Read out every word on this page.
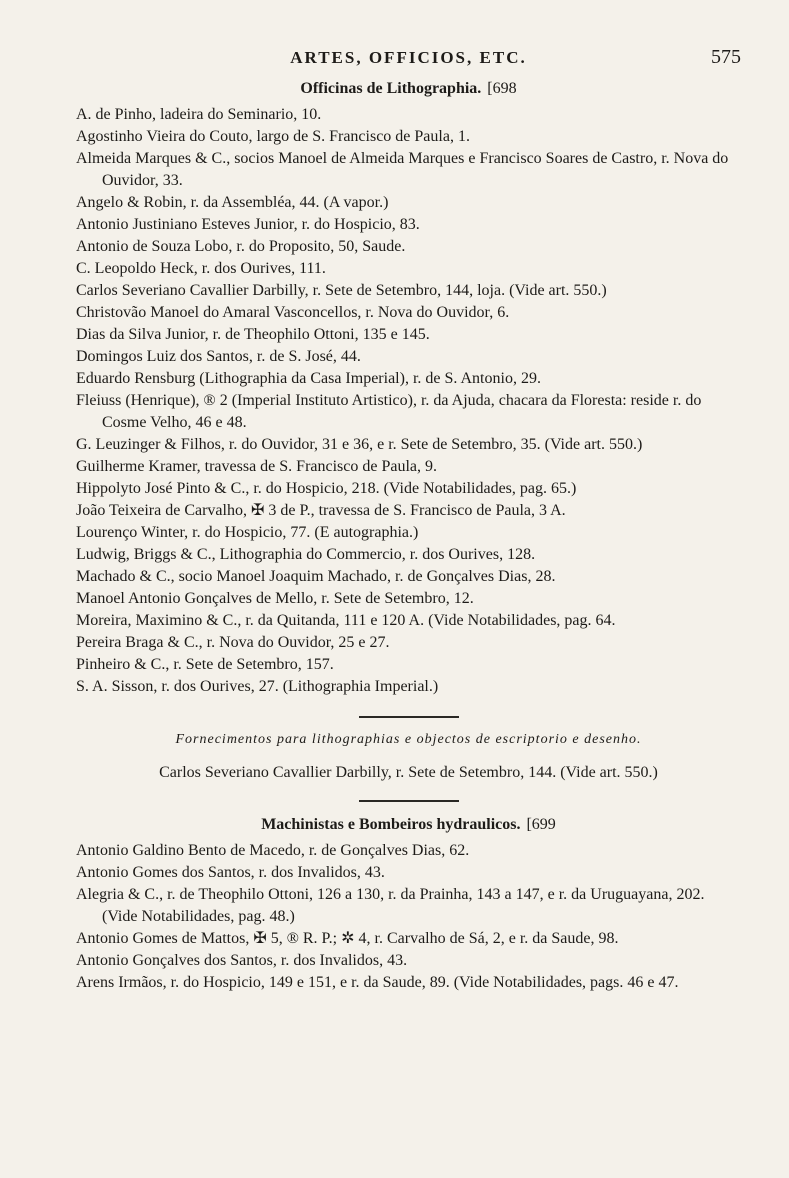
ARTES, OFFICIOS, ETC.	575
Officinas de Lithographia. [698

A. de Pinho, ladeira do Seminario, 10.

Agostinho Vieira do Couto, largo de S. Francisco de Paula, 1.

Almeida Marques & C., socios Manoel de Almeida Marques e Francisco Soares de Castro, r. Nova do Ouvidor, 33.

Angelo & Robin, r. da Assembléa, 44. (A vapor.)

Antonio Justiniano Esteves Junior, r. do Hospicio, 83.

Antonio de Souza Lobo, r. do Proposito, 50, Saude.

C. Leopoldo Heck, r. dos Ourives, 111.

Carlos Severiano Cavallier Darbilly, r. Sete de Setembro, 144, loja. (Vide art. 550.)

Christovão Manoel do Amaral Vasconcellos, r. Nova do Ouvidor, 6.

Dias da Silva Junior, r. de Theophilo Ottoni, 135 e 145.

Domingos Luiz dos Santos, r. de S. José, 44.

Eduardo Rensburg (Lithographia da Casa Imperial), r. de S. Antonio, 29.

Fleiuss (Henrique), ® 2 (Imperial Instituto Artistico), r. da Ajuda, chacara da Floresta: reside r. do Cosme Velho, 46 e 48.

G. Leuzinger & Filhos, r. do Ouvidor, 31 e 36, e r. Sete de Setembro, 35. (Vide art. 550.)

Guilherme Kramer, travessa de S. Francisco de Paula, 9.

Hippolyto José Pinto & C., r. do Hospicio, 218. (Vide Notabilidades, pag. 65.)

João Teixeira de Carvalho, ✠ 3 de P., travessa de S. Francisco de Paula, 3 A.

Lourenço Winter, r. do Hospicio, 77. (E autographia.)

Ludwig, Briggs & C., Lithographia do Commercio, r. dos Ourives, 128.

Machado & C., socio Manoel Joaquim Machado, r. de Gonçalves Dias, 28.

Manoel Antonio Gonçalves de Mello, r. Sete de Setembro, 12.

Moreira, Maximino & C., r. da Quitanda, 111 e 120 A. (Vide Notabilidades, pag. 64.

Pereira Braga & C., r. Nova do Ouvidor, 25 e 27.

Pinheiro & C., r. Sete de Setembro, 157.

S. A. Sisson, r. dos Ourives, 27. (Lithographia Imperial.)

Fornecimentos para lithographias e objectos de escriptorio e desenho.

Carlos Severiano Cavallier Darbilly, r. Sete de Setembro, 144. (Vide art. 550.)

Machinistas e Bombeiros hydraulicos. [699

Antonio Galdino Bento de Macedo, r. de Gonçalves Dias, 62.

Antonio Gomes dos Santos, r. dos Invalidos, 43.

Alegria & C., r. de Theophilo Ottoni, 126 a 130, r. da Prainha, 143 a 147, e r. da Uruguayana, 202. (Vide Notabilidades, pag. 48.)

Antonio Gomes de Mattos, ✠ 5, ® R. P.; ✲ 4, r. Carvalho de Sá, 2, e r. da Saude, 98.

Antonio Gonçalves dos Santos, r. dos Invalidos, 43.

Arens Irmãos, r. do Hospicio, 149 e 151, e r. da Saude, 89. (Vide Notabilidades, pags. 46 e 47.
